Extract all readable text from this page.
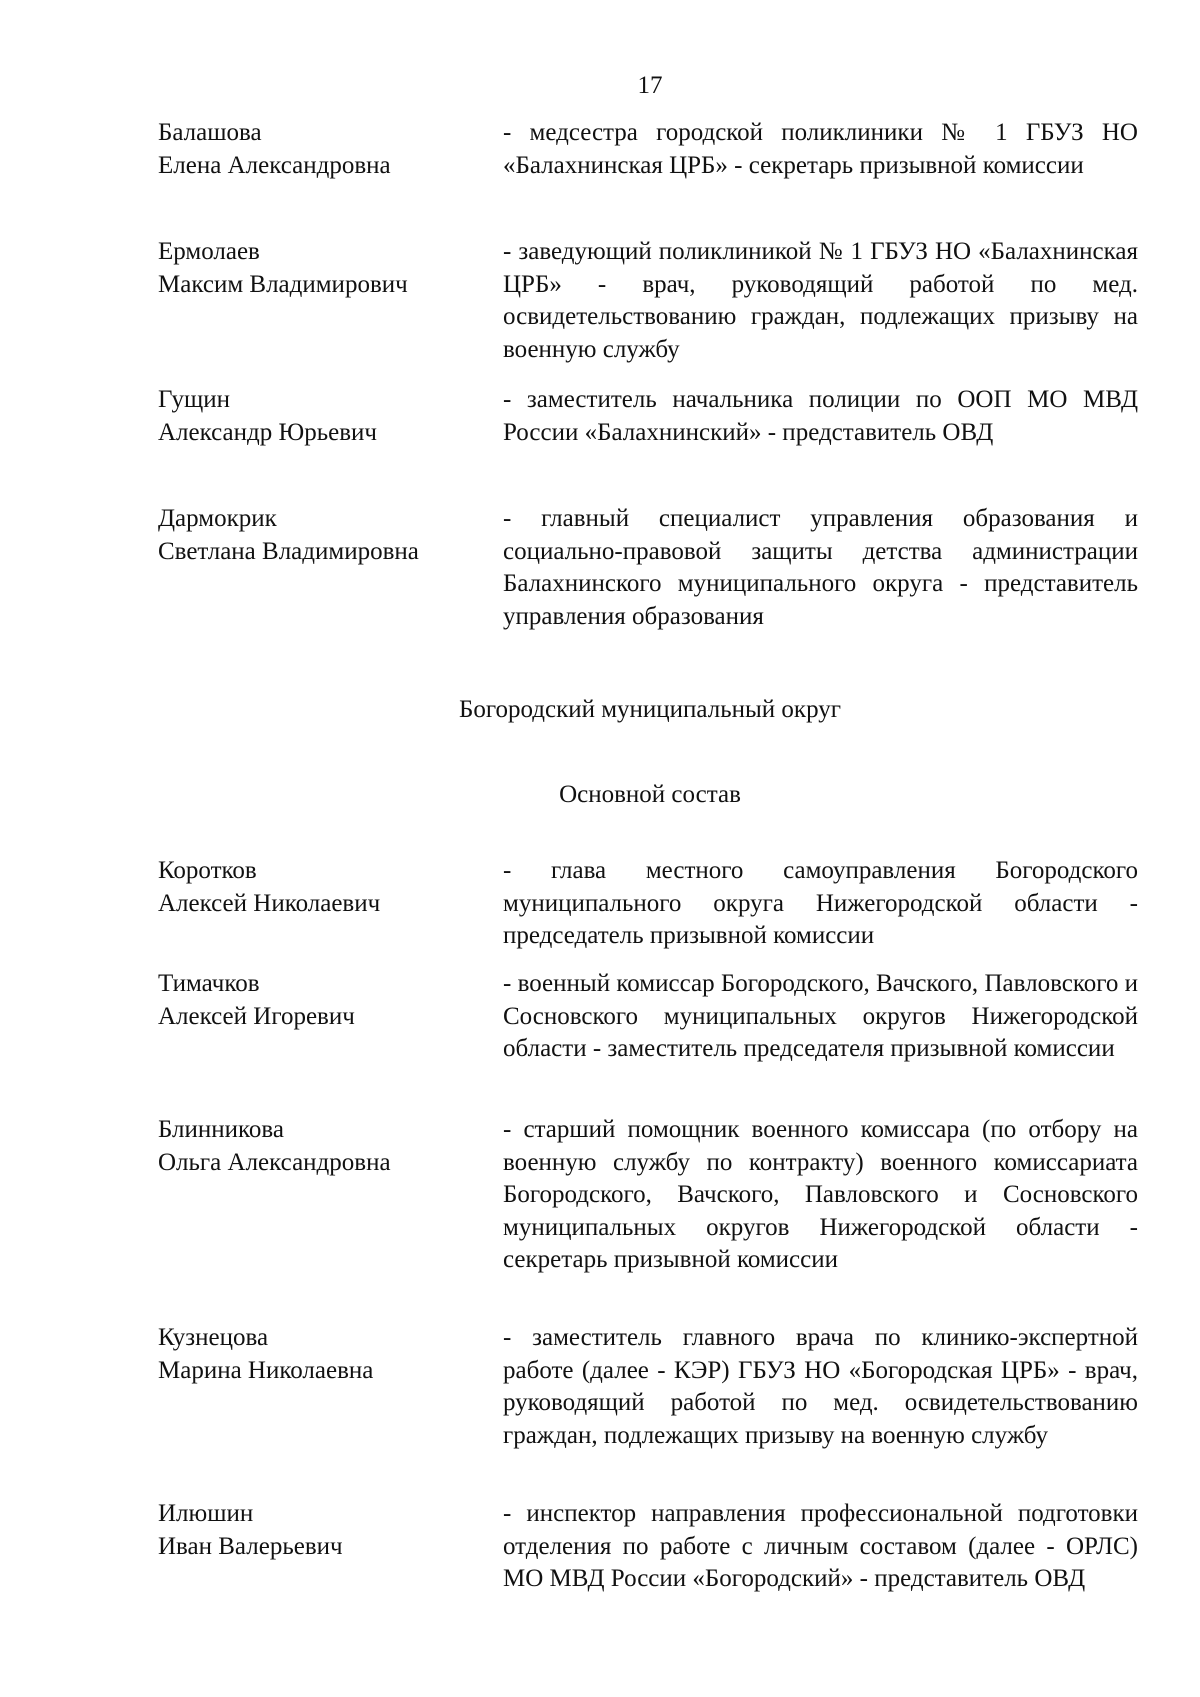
17
Балашова
Елена Александровна
- медсестра городской поликлиники № 1 ГБУЗ НО «Балахнинская ЦРБ» - секретарь призывной комиссии
Ермолаев
Максим Владимирович
- заведующий поликлиникой № 1 ГБУЗ НО «Балахнинская ЦРБ» - врач, руководящий работой по мед. освидетельствованию граждан, подлежащих призыву на военную службу
Гущин
Александр Юрьевич
- заместитель начальника полиции по ООП МО МВД России «Балахнинский» - представитель ОВД
Дармокрик
Светлана Владимировна
- главный специалист управления образования и социально-правовой защиты детства администрации Балахнинского муниципального округа - представитель управления образования
Богородский муниципальный округ
Основной состав
Коротков
Алексей Николаевич
- глава местного самоуправления Богородского муниципального округа Нижегородской области - председатель призывной комиссии
Тимачков
Алексей Игоревич
- военный комиссар Богородского, Вачского, Павловского и Сосновского муниципальных округов Нижегородской области - заместитель председателя призывной комиссии
Блинникова
Ольга Александровна
- старший помощник военного комиссара (по отбору на военную службу по контракту) военного комиссариата Богородского, Вачского, Павловского и Сосновского муниципальных округов Нижегородской области - секретарь призывной комиссии
Кузнецова
Марина Николаевна
- заместитель главного врача по клинико-экспертной работе (далее - КЭР) ГБУЗ НО «Богородская ЦРБ» - врач, руководящий работой по мед. освидетельствованию граждан, подлежащих призыву на военную службу
Илюшин
Иван Валерьевич
- инспектор направления профессиональной подготовки отделения по работе с личным составом (далее - ОРЛС) МО МВД России «Богородский» - представитель ОВД
